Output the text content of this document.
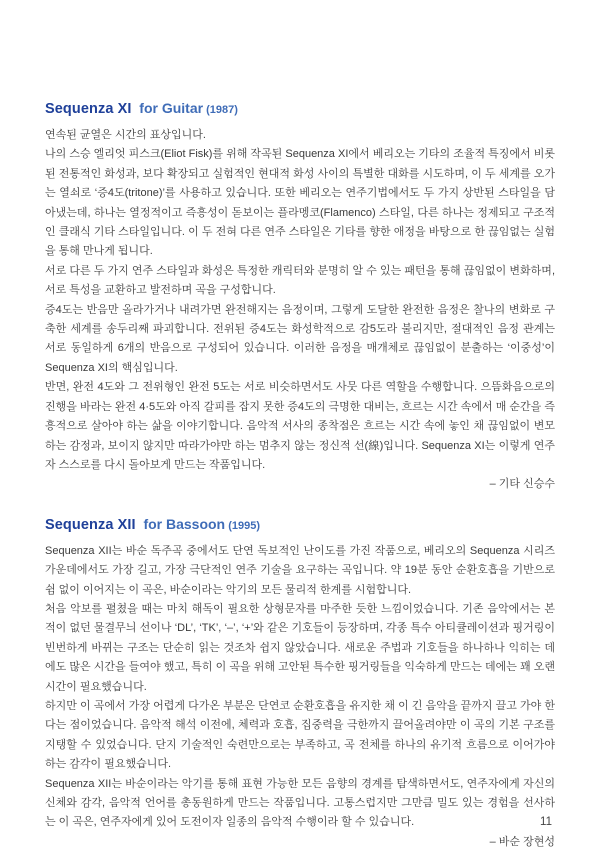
Sequenza XI for Guitar (1987)

연속된 균열은 시간의 표상입니다.

나의 스승 엘리엇 피스크(Eliot Fisk)를 위해 작곡된 Sequenza XI에서 베리오는 기타의 조율적 특징에서 비롯된 전통적인 화성과, 보다 확장되고 실험적인 현대적 화성 사이의 특별한 대화를 시도하며, 이 두 세계를 오가는 열쇠로 ‘증4도(tritone)’를 사용하고 있습니다. 또한 베리오는 연주기법에서도 두 가지 상반된 스타일을 담아냈는데, 하나는 열정적이고 즉흥성이 돋보이는 플라멩코(Flamenco) 스타일, 다른 하나는 정제되고 구조적인 클래식 기타 스타일입니다. 이 두 전혀 다른 연주 스타일은 기타를 향한 애정을 바탕으로 한 끊임없는 실험을 통해 만나게 됩니다.

서로 다른 두 가지 연주 스타일과 화성은 특정한 캐릭터와 분명히 알 수 있는 패턴을 통해 끊임없이 변화하며, 서로 특성을 교환하고 발전하며 곡을 구성합니다.

증4도는 반음만 올라가거나 내려가면 완전해지는 음정이며, 그렇게 도달한 완전한 음정은 찰나의 변화로 구축한 세계를 송두리째 파괴합니다. 전위된 증4도는 화성학적으로 감5도라 불리지만, 절대적인 음정 관계는 서로 동일하게 6개의 반음으로 구성되어 있습니다. 이러한 음정을 매개체로 끊임없이 분출하는 ‘이중성’이 Sequenza XI의 핵심입니다.

반면, 완전 4도와 그 전위형인 완전 5도는 서로 비슷하면서도 사뭇 다른 역할을 수행합니다. 으뜸화음으로의 진행을 바라는 완전 4·5도와 아직 갈피를 잡지 못한 증4도의 극명한 대비는, 흐르는 시간 속에서 매 순간을 즉흥적으로 살아야 하는 삶을 이야기합니다. 음악적 서사의 종착점은 흐르는 시간 속에 놓인 채 끊임없이 변모하는 감정과, 보이지 않지만 따라가야만 하는 멈추지 않는 정신적 선(線)입니다. Sequenza XI는 이렇게 연주자 스스로를 다시 돌아보게 만드는 작품입니다.

– 기타 신승수

Sequenza XII for Bassoon (1995)

Sequenza XII는 바순 독주곡 중에서도 단연 독보적인 난이도를 가진 작품으로, 베리오의 Sequenza 시리즈 가운데에서도 가장 길고, 가장 극단적인 연주 기술을 요구하는 곡입니다. 약 19분 동안 순환호흡을 기반으로 쉼 없이 이어지는 이 곡은, 바순이라는 악기의 모든 물리적 한계를 시험합니다.

처음 악보를 펼쳤을 때는 마치 해독이 필요한 상형문자를 마주한 듯한 느낌이었습니다. 기존 음악에서는 본 적이 없던 물결무늬 선이나 ‘DL’, ‘TK’, ‘–’, ‘+’와 같은 기호들이 등장하며, 각종 특수 아티큘레이션과 핑거링이 빈번하게 바뀌는 구조는 단순히 읽는 것조차 쉽지 않았습니다. 새로운 주법과 기호들을 하나하나 익히는 데에도 많은 시간을 들여야 했고, 특히 이 곡을 위해 고안된 특수한 핑거링들을 익숙하게 만드는 데에는 꽤 오랜 시간이 필요했습니다.

하지만 이 곡에서 가장 어렵게 다가온 부분은 단연코 순환호흡을 유지한 채 이 긴 음악을 끝까지 끌고 가야 한다는 점이었습니다. 음악적 해석 이전에, 체력과 호흡, 집중력을 극한까지 끌어올려야만 이 곡의 기본 구조를 지탱할 수 있었습니다. 단지 기술적인 숙련만으로는 부족하고, 곡 전체를 하나의 유기적 흐름으로 이어가야 하는 감각이 필요했습니다.

Sequenza XII는 바순이라는 악기를 통해 표현 가능한 모든 음향의 경계를 탐색하면서도, 연주자에게 자신의 신체와 감각, 음악적 언어를 총동원하게 만드는 작품입니다. 고통스럽지만 그만큼 밀도 있는 경험을 선사하는 이 곡은, 연주자에게 있어 도전이자 일종의 음악적 수행이라 할 수 있습니다.

– 바순 장현성

11
